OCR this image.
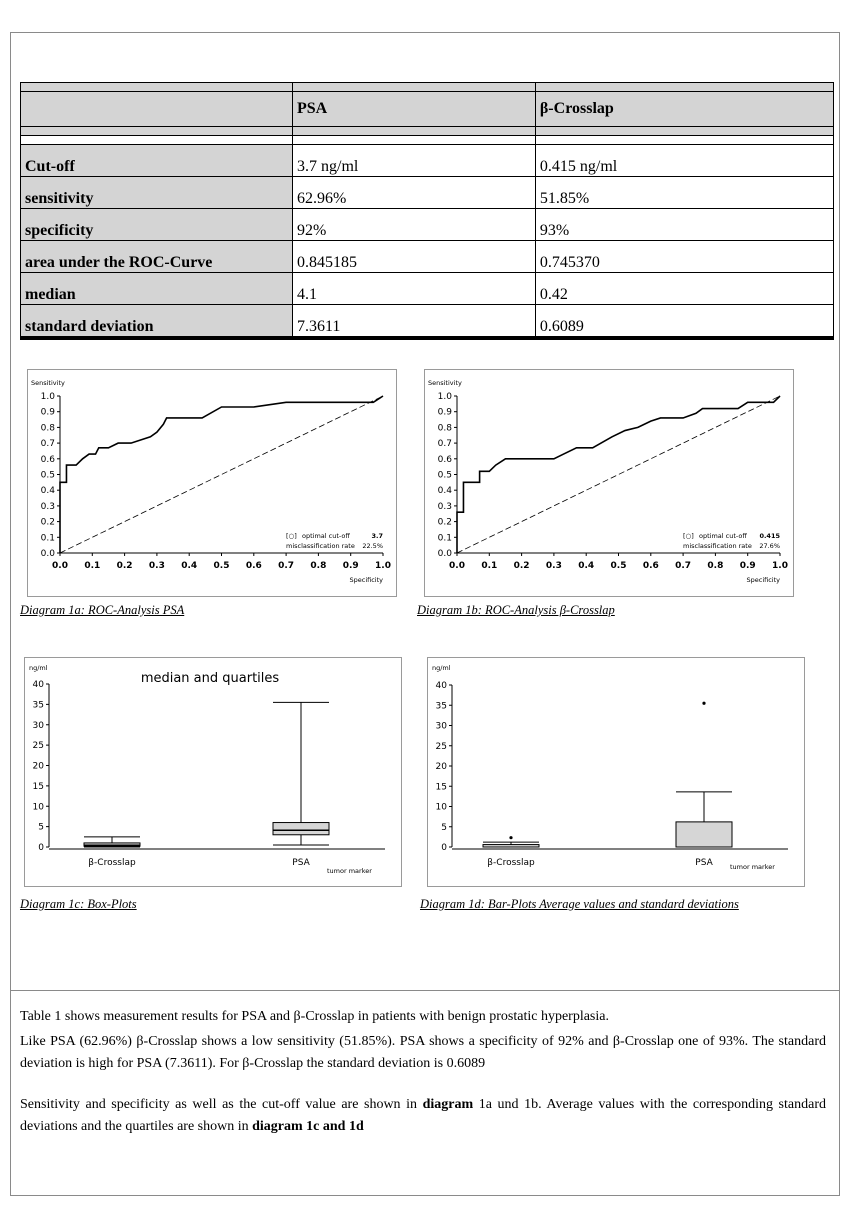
	PSA	β-Crosslap

Cut-off	3.7 ng/ml	0.415 ng/ml
sensitivity	62.96%	51.85%
specificity	92%	93%
area under the ROC-Curve	0.845185	0.745370
median	4.1	0.42
standard deviation	7.3611	0.6089
Sensitivity
0.0
0.0
0.1
0.1
0.2
0.2
0.3
0.3
0.4
0.4
0.5
0.5
0.6
0.6
0.7
0.7
0.8
0.8
0.9
0.9
1.0
1.0
Specificity
[○] optimal cut-off	3.7
misclassification rate 22.5%
Diagram 1a: ROC-Analysis PSA
Sensitivity
0.0
0.0
0.1
0.1
0.2
0.2
0.3
0.3
0.4
0.4
0.5
0.5
0.6
0.6
0.7
0.7
0.8
0.8
0.9
0.9
1.0
1.0
Specificity
[○] optimal cut-off 0.415
misclassification rate 27.6%
Diagram 1b: ROC-Analysis β-Crosslap
ng/ml
0
5
10
15
20
25
30
35
40	median and quartiles
β-Crosslap	PSA
tumor marker
Diagram 1c: Box-Plots
ng/ml
0
5
10
15
20
25
30
35
40
β-Crosslap	PSA	tumor marker
Diagram 1d: Bar-Plots Average values and standard deviations

Table 1 shows measurement results for PSA and β-Crosslap in patients with benign prostatic hyperplasia.

Like PSA (62.96%) β-Crosslap shows a low sensitivity (51.85%). PSA shows a specificity of 92% and β-Crosslap one of 93%. The standard deviation is high for PSA (7.3611). For β-Crosslap the standard deviation is 0.6089

Sensitivity and specificity as well as the cut-off value are shown in diagram 1a und 1b. Average values with the corresponding standard deviations and the quartiles are shown in diagram 1c and 1d
